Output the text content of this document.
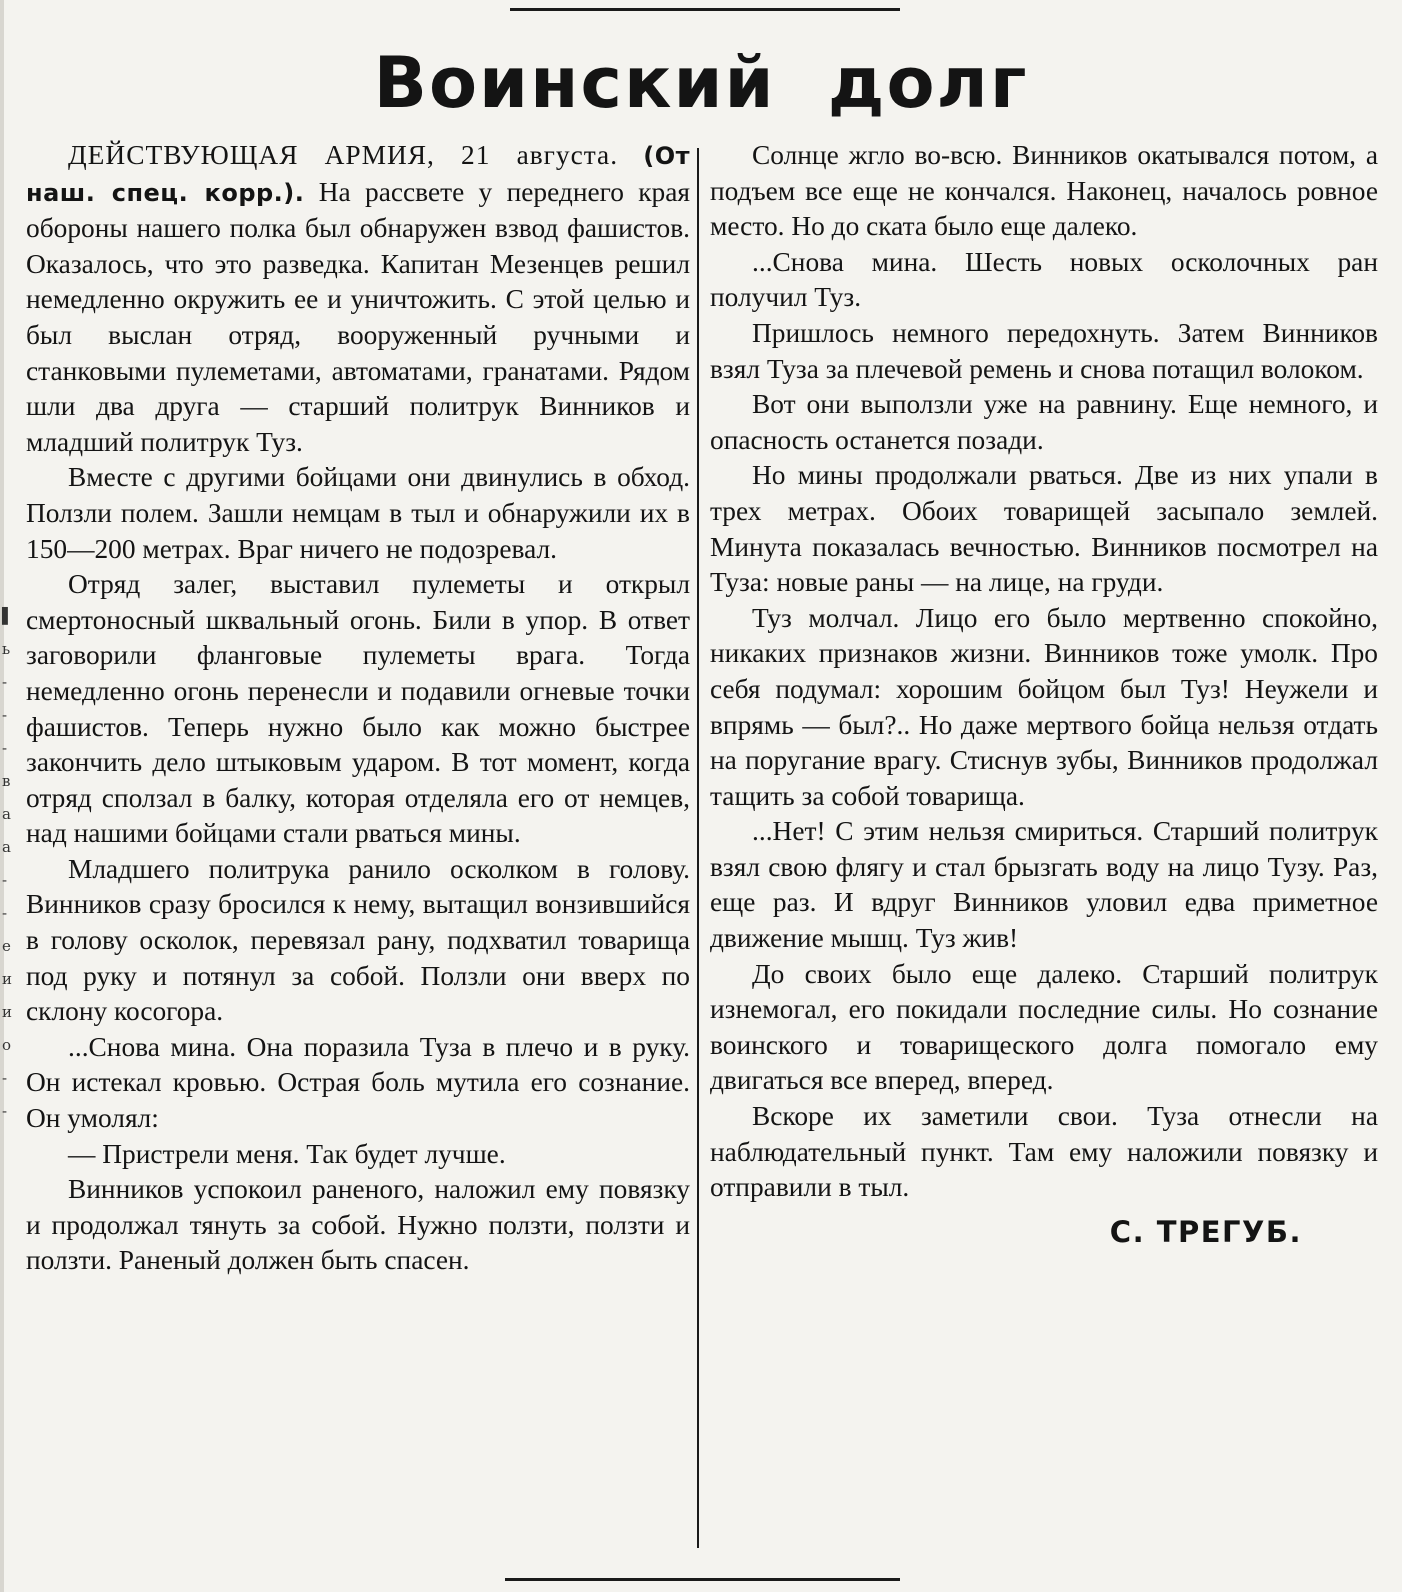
▌
ь
-
-
-
в
а
а
-
-
е
и
и
о
-
-
Воинский долг

ДЕЙСТВУЮЩАЯ АРМИЯ, 21 августа. (От наш. спец. корр.). На рассвете у переднего края обороны нашего полка был обнаружен взвод фашистов. Оказалось, что это разведка. Капитан Мезенцев решил немедленно окружить ее и уничтожить. С этой целью и был выслан отряд, вооруженный ручными и станковыми пулеметами, автоматами, гранатами. Рядом шли два друга — старший политрук Винников и младший политрук Туз.

Вместе с другими бойцами они двинулись в обход. Ползли полем. Зашли немцам в тыл и обнаружили их в 150—200 метрах. Враг ничего не подозревал.

Отряд залег, выставил пулеметы и открыл смертоносный шквальный огонь. Били в упор. В ответ заговорили фланговые пулеметы врага. Тогда немедленно огонь перенесли и подавили огневые точки фашистов. Теперь нужно было как можно быстрее закончить дело штыковым ударом. В тот момент, когда отряд сползал в балку, которая отделяла его от немцев, над нашими бойцами стали рваться мины.

Младшего политрука ранило осколком в голову. Винников сразу бросился к нему, вытащил вонзившийся в голову осколок, перевязал рану, подхватил товарища под руку и потянул за собой. Ползли они вверх по склону косогора.

...Снова мина. Она поразила Туза в плечо и в руку. Он истекал кровью. Острая боль мутила его сознание. Он умолял:

— Пристрели меня. Так будет лучше.

Винников успокоил раненого, наложил ему повязку и продолжал тянуть за собой. Нужно ползти, ползти и ползти. Раненый должен быть спасен.

Солнце жгло во-всю. Винников окатывался потом, а подъем все еще не кончался. Наконец, началось ровное место. Но до ската было еще далеко.

...Снова мина. Шесть новых осколочных ран получил Туз.

Пришлось немного передохнуть. Затем Винников взял Туза за плечевой ремень и снова потащил волоком.

Вот они выползли уже на равнину. Еще немного, и опасность останется позади.

Но мины продолжали рваться. Две из них упали в трех метрах. Обоих товарищей засыпало землей. Минута показалась вечностью. Винников посмотрел на Туза: новые раны — на лице, на груди.

Туз молчал. Лицо его было мертвенно спокойно, никаких признаков жизни. Винников тоже умолк. Про себя подумал: хорошим бойцом был Туз! Неужели и впрямь — был?.. Но даже мертвого бойца нельзя отдать на поругание врагу. Стиснув зубы, Винников продолжал тащить за собой товарища.

...Нет! С этим нельзя смириться. Старший политрук взял свою флягу и стал брызгать воду на лицо Тузу. Раз, еще раз. И вдруг Винников уловил едва приметное движение мышц. Туз жив!

До своих было еще далеко. Старший политрук изнемогал, его покидали последние силы. Но сознание воинского и товарищеского долга помогало ему двигаться все вперед, вперед.

Вскоре их заметили свои. Туза отнесли на наблюдательный пункт. Там ему наложили повязку и отправили в тыл.

С. ТРЕГУБ.
